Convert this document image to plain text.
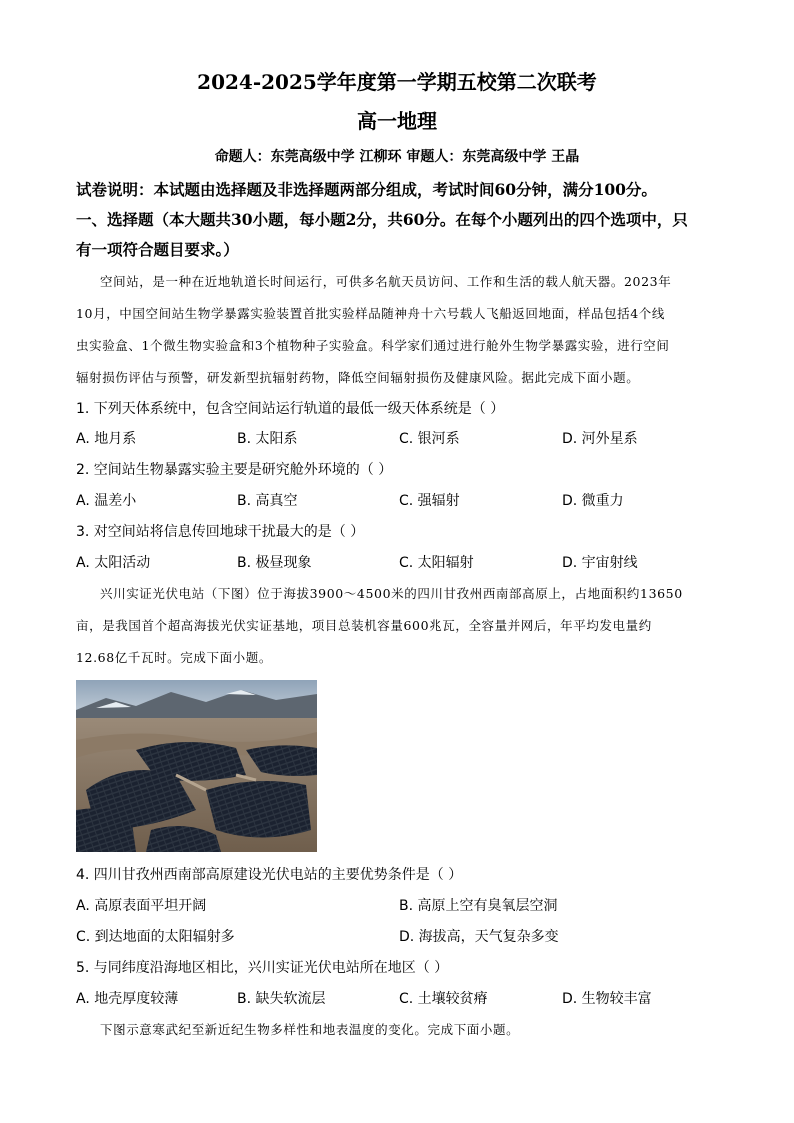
2024-2025学年度第一学期五校第二次联考
高一地理
命题人：东莞高级中学 江柳环 审题人：东莞高级中学 王晶
试卷说明：本试题由选择题及非选择题两部分组成，考试时间60分钟，满分100分。
一、选择题（本大题共30小题，每小题2分，共60分。在每个小题列出的四个选项中，只
有一项符合题目要求。）
空间站，是一种在近地轨道长时间运行，可供多名航天员访问、工作和生活的载人航天器。2023年
10月，中国空间站生物学暴露实验装置首批实验样品随神舟十六号载人飞船返回地面，样品包括4个线
虫实验盒、1个微生物实验盒和3个植物种子实验盒。科学家们通过进行舱外生物学暴露实验，进行空间
辐射损伤评估与预警，研发新型抗辐射药物，降低空间辐射损伤及健康风险。据此完成下面小题。
1. 下列天体系统中，包含空间站运行轨道的最低一级天体系统是（ ）
A. 地月系	B. 太阳系	C. 银河系	D. 河外星系
2. 空间站生物暴露实验主要是研究舱外环境的（ ）
A. 温差小	B. 高真空	C. 强辐射	D. 微重力
3. 对空间站将信息传回地球干扰最大的是（ ）
A. 太阳活动	B. 极昼现象	C. 太阳辐射	D. 宇宙射线
兴川实证光伏电站（下图）位于海拔3900～4500米的四川甘孜州西南部高原上，占地面积约13650
亩，是我国首个超高海拔光伏实证基地，项目总装机容量600兆瓦，全容量并网后，年平均发电量约
12.68亿千瓦时。完成下面小题。
4. 四川甘孜州西南部高原建设光伏电站的主要优势条件是（ ）
A. 高原表面平坦开阔	B. 高原上空有臭氧层空洞
C. 到达地面的太阳辐射多	D. 海拔高，天气复杂多变
5. 与同纬度沿海地区相比，兴川实证光伏电站所在地区（ ）
A. 地壳厚度较薄	B. 缺失软流层	C. 土壤较贫瘠	D. 生物较丰富
下图示意寒武纪至新近纪生物多样性和地表温度的变化。完成下面小题。
